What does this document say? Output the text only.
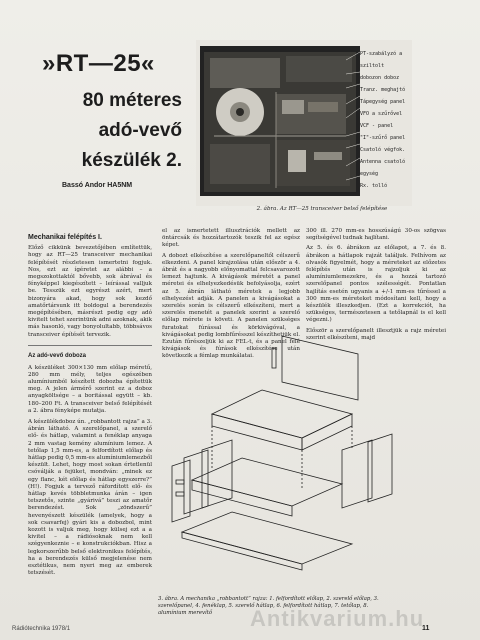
»RT—25«
80 méteres
adó-vevő
készülék 2.
Bassó Andor HA5NM
PT-szabályzó a
sziltolt
dobozon doboz
Tranz. meghajtó
Tápegység panel
VFO a szűrővel
VCF - panel
"I"-szűrő panel
Csatoló végfok.
Antenna csatoló
egység
Rx. tolló
2. ábra. Az RT—25 transceiver belső felépítése
Mechanikai felépítés I.

Előző cikkünk bevezetőjében említettük, hogy az RT—25 transceiver mechanikai felépítését részletesen ismertetni fogjuk. Nos, ezt az ígéretet az alábbi – a megszokottaktól bővebb, sok ábrával és fényképpel kiegészített – leírással valljuk be. Tesszük ezt egyrészt azért, mert bizonyára akad, hogy sok kezdő amatőrtársunk itt boldogul a berendezés megépítésében, másrészt pedig egy adó kivitelt tehet szerintünk adni azoknak, akik más hasonló, vagy bonyolultabb, többsávos transceiver építését tervezik.

Az adó-vevő doboza

A készüléket 300×130 mm előlap méretű, 280 mm mély, teljes egészében alumíniumból készített dobozba építettük meg. A jelen ármérő szerint ez a doboz anyagköltsége – a boritással együtt – kb. 180–200 Ft. A transceiver belső felépítését a 2. ábra fényképe mutatja.

A készülékdoboz ún. „robbantott rajza” a 3. ábrán látható. A szerelőpanel, a szerelő elő- és hátlap, valamint a fenéklap anyaga 2 mm vastag kemény alumínium lemez. A tetőlap 1,5 mm-es, a felfordított előlap és hátlap pedig 0,5 mm-es alumíniumlemezből készült. Lehet, hogy most sokan értetlenül csóválják a fejüket, mondván: „minek ez egy flanc, két előlap és hátlap egyszerre?” (H!). Fogjuk a tervező ráfordított elő- és hátlap kevés többletmunka árán – igen tetszetős, szinte „gyárivá” teszi az amatőr berendezést. Sok „zöndszerű” hevenyészett készülék (amelyek, hogy a sok csavarfej) gyári kis a dobozbol, mint kozott is valjuk meg, hogy külsej ezt a a kivitel – a rádiósoknak nem kell szégyenkeznie – e konstrukciókban. Hisz a legkorszerűbb belső elektronikus felépítés, ha a berendezés külső megjelenése nem esztétikus, nem nyeri meg az emberek tetszését.

el az ismertetett illusztrációk mellett az öntárcsák és hozzátartozók teszik fel az egész képet.

A dobozt elkészítése a szerelőpaneltől célszerű elkezdeni. A panel kirajzolása után először a 4. ábrát és a nagyobb előnyomattal felcsavarozott lemezt hajtunk. A kivágások méretét a panel méretei és elhelyezkedésük befolyásolja, ezért az 5. ábrán látható méretek a legjobb elhelyezést adják. A panelen a kivágásokat a szerelés során is célszerű elkészíteni, mert a szerelés menetét a panelek szerint a szerelő előlap mérete is követi. A panelen szükséges furatokat fúrással és körkivágóval, a kivágásokat pedig lombfűrésszel készíthetjük el. Ezután fűrészeljük ki az FEL-t, és a panel felé kivágások és fúrások elkészítése után következik a fémlap munkálatai.

300 ill. 270 mm-es hosszúságú 30-os szögvas segítségével tudnak hajlítani.

Az 5. és 6. ábrákon az előlapot, a 7. és 8. ábrákon a hátlapok rajzát találjuk. Felhívom az olvasók figyelmét, hogy a méreteket az előzetes felépítés után is rajzoljuk ki az alumíniumlemezekre, és a hozzá tartozó szerelőpanel pontos szélességét. Pontatlan hajlítás esetén ugyanis a +/-1 mm-es tűréssel a 300 mm-es méreteket módosítani kell, hogy a készülék illeszkedjen. (Ezt a korrekciót, ha szükséges, természetesen a tetőlapnál is el kell végezni.)

Először a szerelőpanelt illesztjük a rajz méretei szerint elkészíteni, majd

3. ábra. A mechanika „robbantott” rajza: 1. felfordított előlap, 2. szerelő előlap, 3. szerelőpanel, 4. fenéklap, 5. szerelő hátlap, 6. felfordított hátlap, 7. tetőlap, 8. alumínium merevítő	Antikvarium.hu
Rádiótechnika 1978/1	11
